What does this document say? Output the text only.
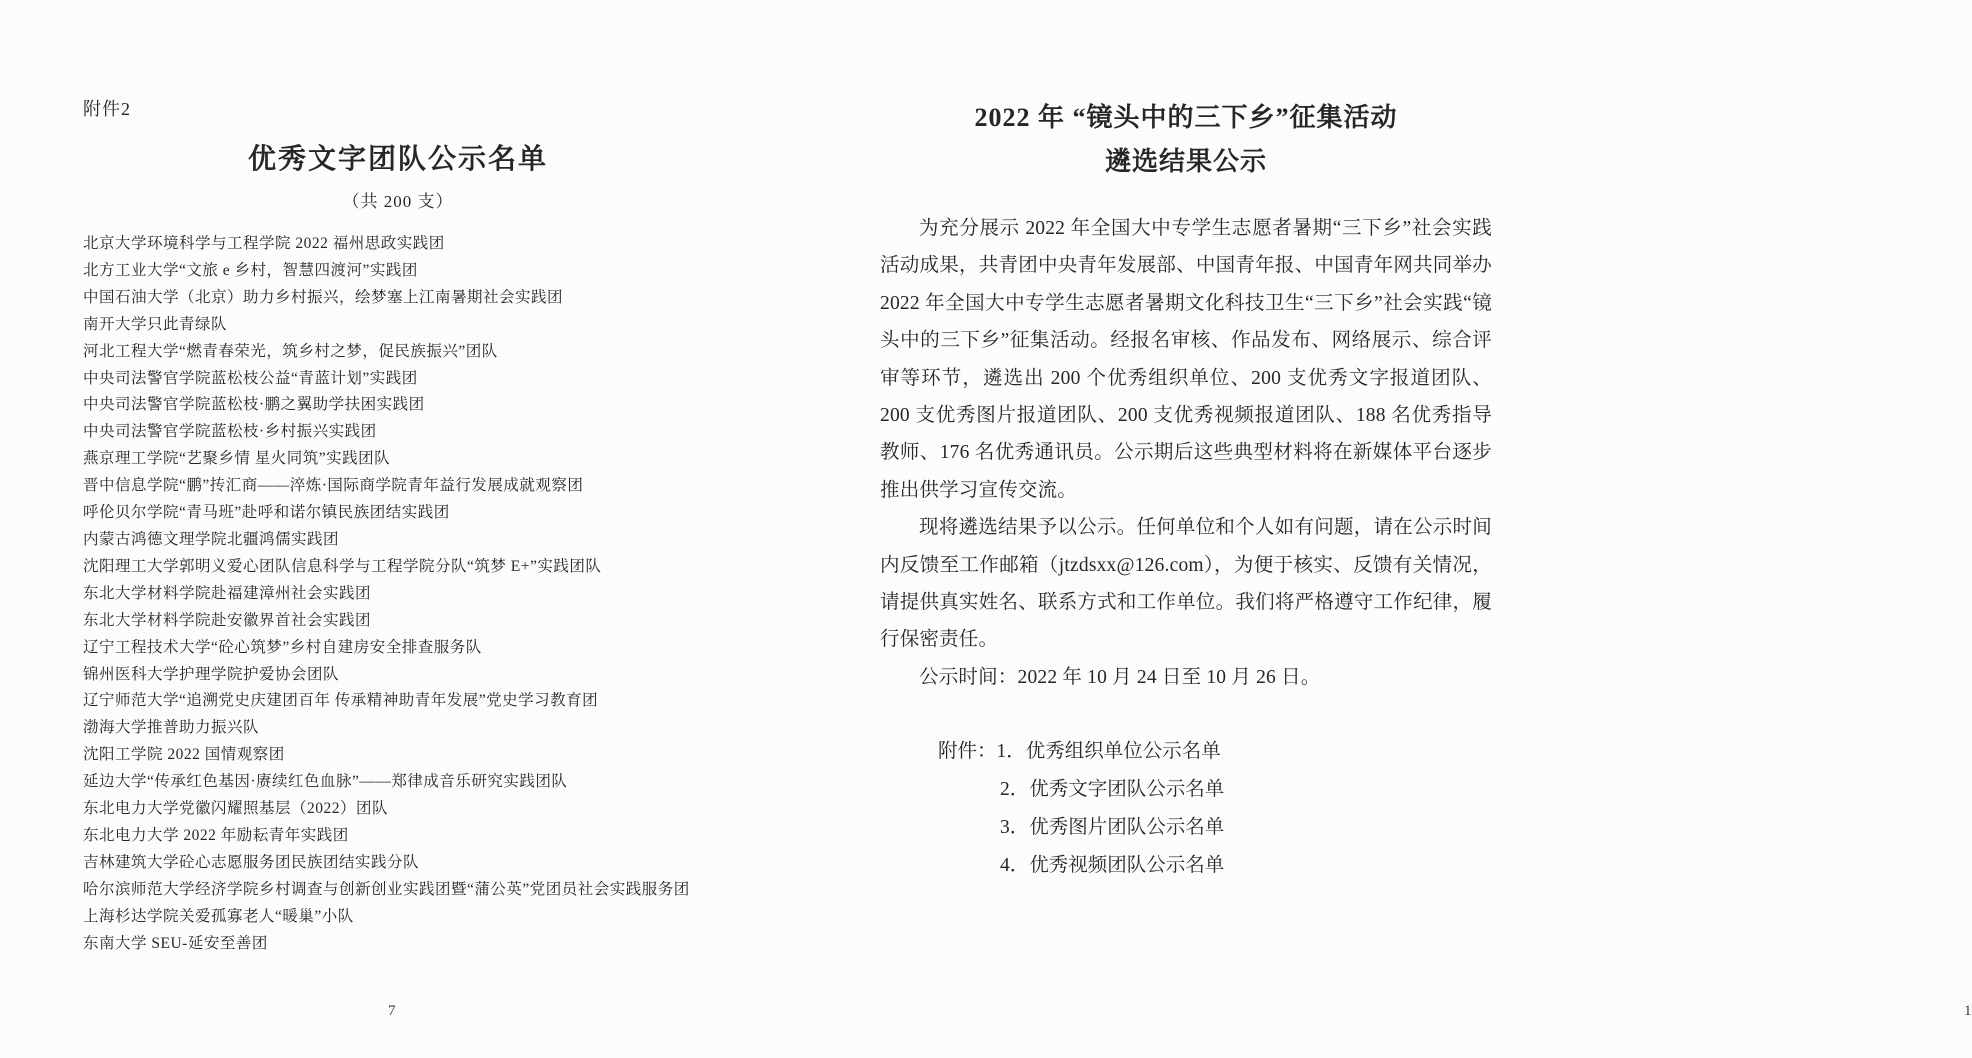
附件2
优秀文字团队公示名单
（共 200 支）
北京大学环境科学与工程学院 2022 福州思政实践团
北方工业大学“文旅 e 乡村，智慧四渡河”实践团
中国石油大学（北京）助力乡村振兴，绘梦塞上江南暑期社会实践团
南开大学只此青绿队
河北工程大学“燃青春荣光，筑乡村之梦，促民族振兴”团队
中央司法警官学院蓝松枝公益“青蓝计划”实践团
中央司法警官学院蓝松枝·鹏之翼助学扶困实践团
中央司法警官学院蓝松枝·乡村振兴实践团
燕京理工学院“艺聚乡情 星火同筑”实践团队
晋中信息学院“鹏”抟汇商——淬炼·国际商学院青年益行发展成就观察团
呼伦贝尔学院“青马班”赴呼和诺尔镇民族团结实践团
内蒙古鸿德文理学院北疆鸿儒实践团
沈阳理工大学郭明义爱心团队信息科学与工程学院分队“筑梦 E+”实践团队
东北大学材料学院赴福建漳州社会实践团
东北大学材料学院赴安徽界首社会实践团
辽宁工程技术大学“砼心筑梦”乡村自建房安全排查服务队
锦州医科大学护理学院护爱协会团队
辽宁师范大学“追溯党史庆建团百年 传承精神助青年发展”党史学习教育团
渤海大学推普助力振兴队
沈阳工学院 2022 国情观察团
延边大学“传承红色基因·赓续红色血脉”——郑律成音乐研究实践团队
东北电力大学党徽闪耀照基层（2022）团队
东北电力大学 2022 年励耘青年实践团
吉林建筑大学砼心志愿服务团民族团结实践分队
哈尔滨师范大学经济学院乡村调查与创新创业实践团暨“蒲公英”党团员社会实践服务团
上海杉达学院关爱孤寡老人“暖巢”小队
东南大学 SEU-延安至善团
7
2022 年 “镜头中的三下乡”征集活动
遴选结果公示

为充分展示 2022 年全国大中专学生志愿者暑期“三下乡”社会实践活动成果，共青团中央青年发展部、中国青年报、中国青年网共同举办 2022 年全国大中专学生志愿者暑期文化科技卫生“三下乡”社会实践“镜头中的三下乡”征集活动。经报名审核、作品发布、网络展示、综合评审等环节，遴选出 200 个优秀组织单位、200 支优秀文字报道团队、200 支优秀图片报道团队、200 支优秀视频报道团队、188 名优秀指导教师、176 名优秀通讯员。公示期后这些典型材料将在新媒体平台逐步推出供学习宣传交流。

现将遴选结果予以公示。任何单位和个人如有问题，请在公示时间内反馈至工作邮箱（jtzdsxx@126.com），为便于核实、反馈有关情况，请提供真实姓名、联系方式和工作单位。我们将严格遵守工作纪律，履行保密责任。

公示时间：2022 年 10 月 24 日至 10 月 26 日。

附件：1．优秀组织单位公示名单
2．优秀文字团队公示名单
3．优秀图片团队公示名单
4．优秀视频团队公示名单
1
